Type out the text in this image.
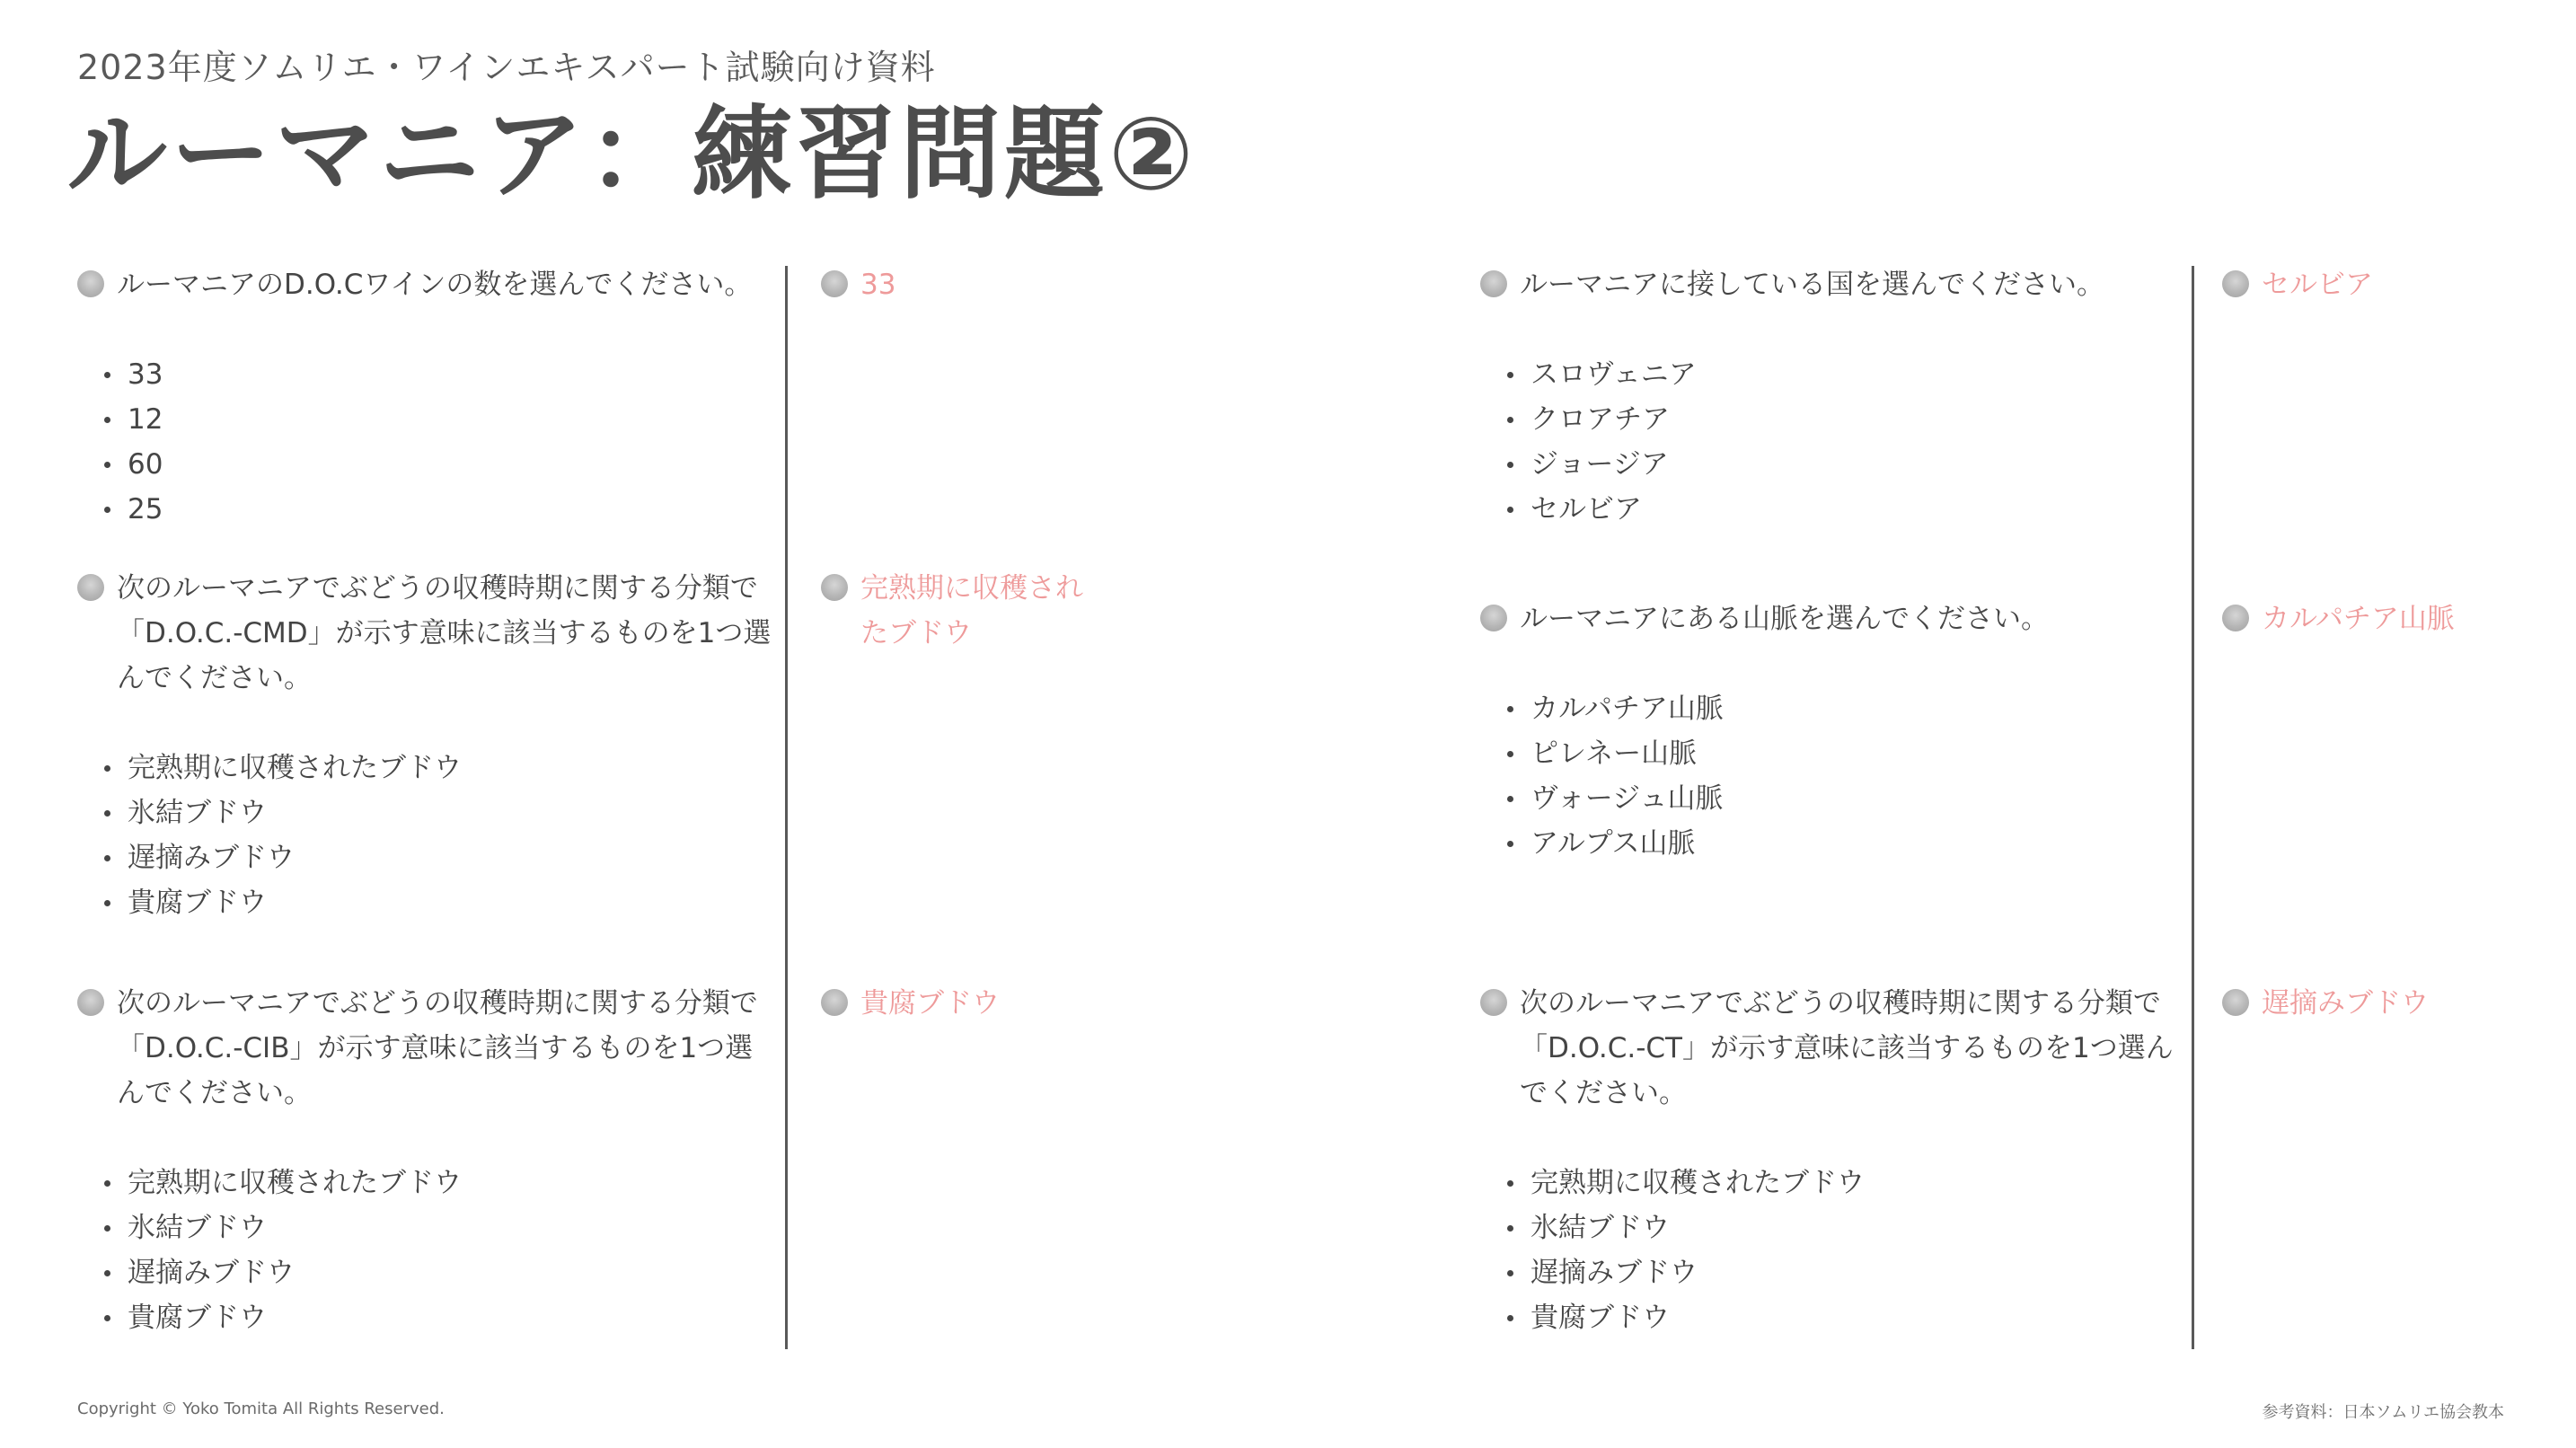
2023年度ソムリエ・ワインエキスパート試験向け資料
ルーマニア：練習問題②
ルーマニアのD.O.Cワインの数を選んでください。
33
12
60
25
33
次のルーマニアでぶどうの収穫時期に関する分類で「D.O.C.-CMD」が示す意味に該当するものを1つ選んでください。
完熟期に収穫されたブドウ
氷結ブドウ
遅摘みブドウ
貴腐ブドウ
完熟期に収穫されたブドウ
次のルーマニアでぶどうの収穫時期に関する分類で「D.O.C.-CIB」が示す意味に該当するものを1つ選んでください。
完熟期に収穫されたブドウ
氷結ブドウ
遅摘みブドウ
貴腐ブドウ
貴腐ブドウ
ルーマニアに接している国を選んでください。
スロヴェニア
クロアチア
ジョージア
セルビア
セルビア
ルーマニアにある山脈を選んでください。
カルパチア山脈
ピレネー山脈
ヴォージュ山脈
アルプス山脈
カルパチア山脈
次のルーマニアでぶどうの収穫時期に関する分類で「D.O.C.-CT」が示す意味に該当するものを1つ選んでください。
完熟期に収穫されたブドウ
氷結ブドウ
遅摘みブドウ
貴腐ブドウ
遅摘みブドウ
Copyright © Yoko Tomita All Rights Reserved.	参考資料：日本ソムリエ協会教本
